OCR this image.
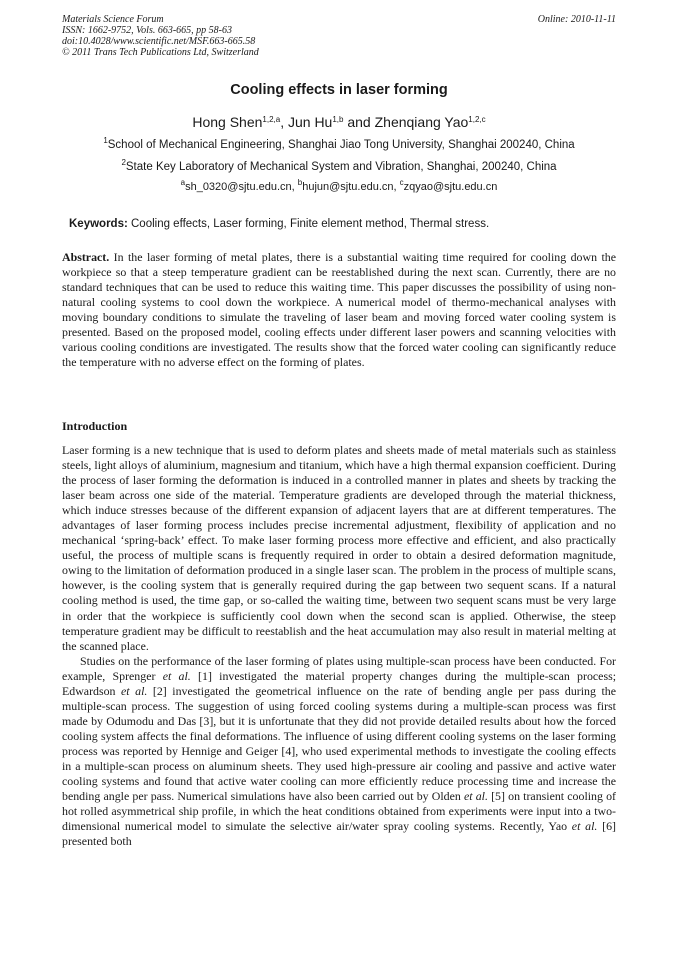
Materials Science Forum
ISSN: 1662-9752, Vols. 663-665, pp 58-63
doi:10.4028/www.scientific.net/MSF.663-665.58
© 2011 Trans Tech Publications Ltd, Switzerland
Online: 2010-11-11
Cooling effects in laser forming
Hong Shen$^{1,2,a}$, Jun Hu$^{1,b}$ and Zhenqiang Yao$^{1,2,c}$
$^1$School of Mechanical Engineering, Shanghai Jiao Tong University, Shanghai 200240, China
$^2$State Key Laboratory of Mechanical System and Vibration, Shanghai, 200240, China
$^a$sh_0320@sjtu.edu.cn, $^b$hujun@sjtu.edu.cn, $^c$zqyao@sjtu.edu.cn
Keywords: Cooling effects, Laser forming, Finite element method, Thermal stress.

Abstract. In the laser forming of metal plates, there is a substantial waiting time required for cooling down the workpiece so that a steep temperature gradient can be reestablished during the next scan. Currently, there are no standard techniques that can be used to reduce this waiting time. This paper discusses the possibility of using non-natural cooling systems to cool down the workpiece. A numerical model of thermo-mechanical analyses with moving boundary conditions to simulate the traveling of laser beam and moving forced water cooling system is presented. Based on the proposed model, cooling effects under different laser powers and scanning velocities with various cooling conditions are investigated. The results show that the forced water cooling can significantly reduce the temperature with no adverse effect on the forming of plates.

Introduction

Laser forming is a new technique that is used to deform plates and sheets made of metal materials such as stainless steels, light alloys of aluminium, magnesium and titanium, which have a high thermal expansion coefficient. During the process of laser forming the deformation is induced in a controlled manner in plates and sheets by tracking the laser beam across one side of the material. Temperature gradients are developed through the material thickness, which induce stresses because of the different expansion of adjacent layers that are at different temperatures. The advantages of laser forming process includes precise incremental adjustment, flexibility of application and no mechanical ‘spring-back’ effect. To make laser forming process more effective and efficient, and also practically useful, the process of multiple scans is frequently required in order to obtain a desired deformation magnitude, owing to the limitation of deformation produced in a single laser scan. The problem in the process of multiple scans, however, is the cooling system that is generally required during the gap between two sequent scans. If a natural cooling method is used, the time gap, or so-called the waiting time, between two sequent scans must be very large in order that the workpiece is sufficiently cool down when the second scan is applied. Otherwise, the steep temperature gradient may be difficult to reestablish and the heat accumulation may also result in material melting at the scanned place.

Studies on the performance of the laser forming of plates using multiple-scan process have been conducted. For example, Sprenger et al. [1] investigated the material property changes during the multiple-scan process; Edwardson et al. [2] investigated the geometrical influence on the rate of bending angle per pass during the multiple-scan process. The suggestion of using forced cooling systems during a multiple-scan process was first made by Odumodu and Das [3], but it is unfortunate that they did not provide detailed results about how the forced cooling system affects the final deformations. The influence of using different cooling systems on the laser forming process was reported by Hennige and Geiger [4], who used experimental methods to investigate the cooling effects in a multiple-scan process on aluminum sheets. They used high-pressure air cooling and passive and active water cooling systems and found that active water cooling can more efficiently reduce processing time and increase the bending angle per pass. Numerical simulations have also been carried out by Olden et al. [5] on transient cooling of hot rolled asymmetrical ship profile, in which the heat conditions obtained from experiments were input into a two-dimensional numerical model to simulate the selective air/water spray cooling systems. Recently, Yao et al. [6] presented both
